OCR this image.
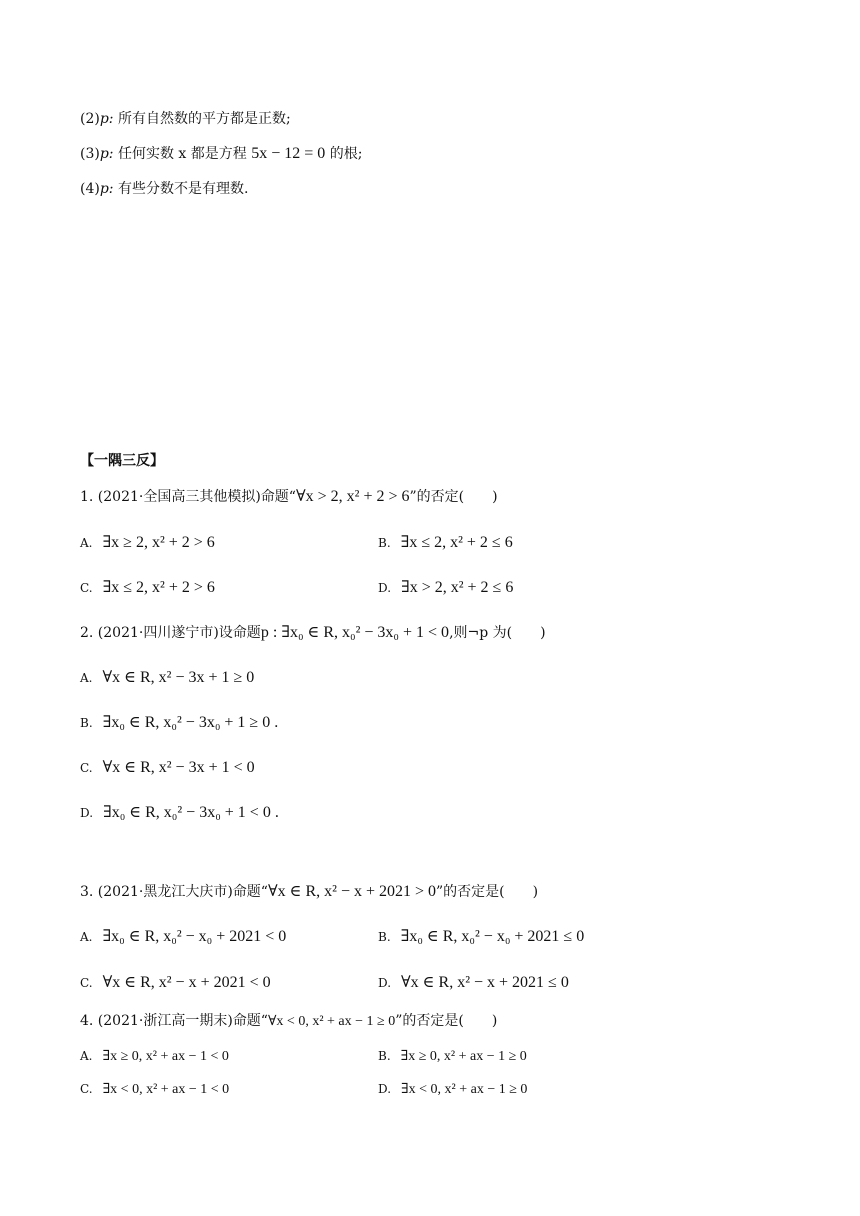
(2)p: 所有自然数的平方都是正数;
(3)p: 任何实数 x 都是方程 5x − 12 = 0 的根;
(4)p: 有些分数不是有理数.
【一隅三反】
1. (2021·全国高三其他模拟)命题“∀x > 2, x² + 2 > 6”的否定(　　)
A. ∃x ≥ 2, x² + 2 > 6	B. ∃x ≤ 2, x² + 2 ≤ 6
C. ∃x ≤ 2, x² + 2 > 6	D. ∃x > 2, x² + 2 ≤ 6
2. (2021·四川遂宁市)设命题p : ∃x₀ ∈ R, x₀² − 3x₀ + 1 < 0,则¬p 为(　　)
A. ∀x ∈ R, x² − 3x + 1 ≥ 0
B. ∃x₀ ∈ R, x₀² − 3x₀ + 1 ≥ 0 .
C. ∀x ∈ R, x² − 3x + 1 < 0
D. ∃x₀ ∈ R, x₀² − 3x₀ + 1 < 0 .
3. (2021·黑龙江大庆市)命题“∀x ∈ R, x² − x + 2021 > 0”的否定是(　　)
A. ∃x₀ ∈ R, x₀² − x₀ + 2021 < 0	B. ∃x₀ ∈ R, x₀² − x₀ + 2021 ≤ 0
C. ∀x ∈ R, x² − x + 2021 < 0	D. ∀x ∈ R, x² − x + 2021 ≤ 0
4. (2021·浙江高一期末)命题“∀x < 0, x² + ax − 1 ≥ 0”的否定是(　　)
A. ∃x ≥ 0, x² + ax − 1 < 0	B. ∃x ≥ 0, x² + ax − 1 ≥ 0
C. ∃x < 0, x² + ax − 1 < 0	D. ∃x < 0, x² + ax − 1 ≥ 0
